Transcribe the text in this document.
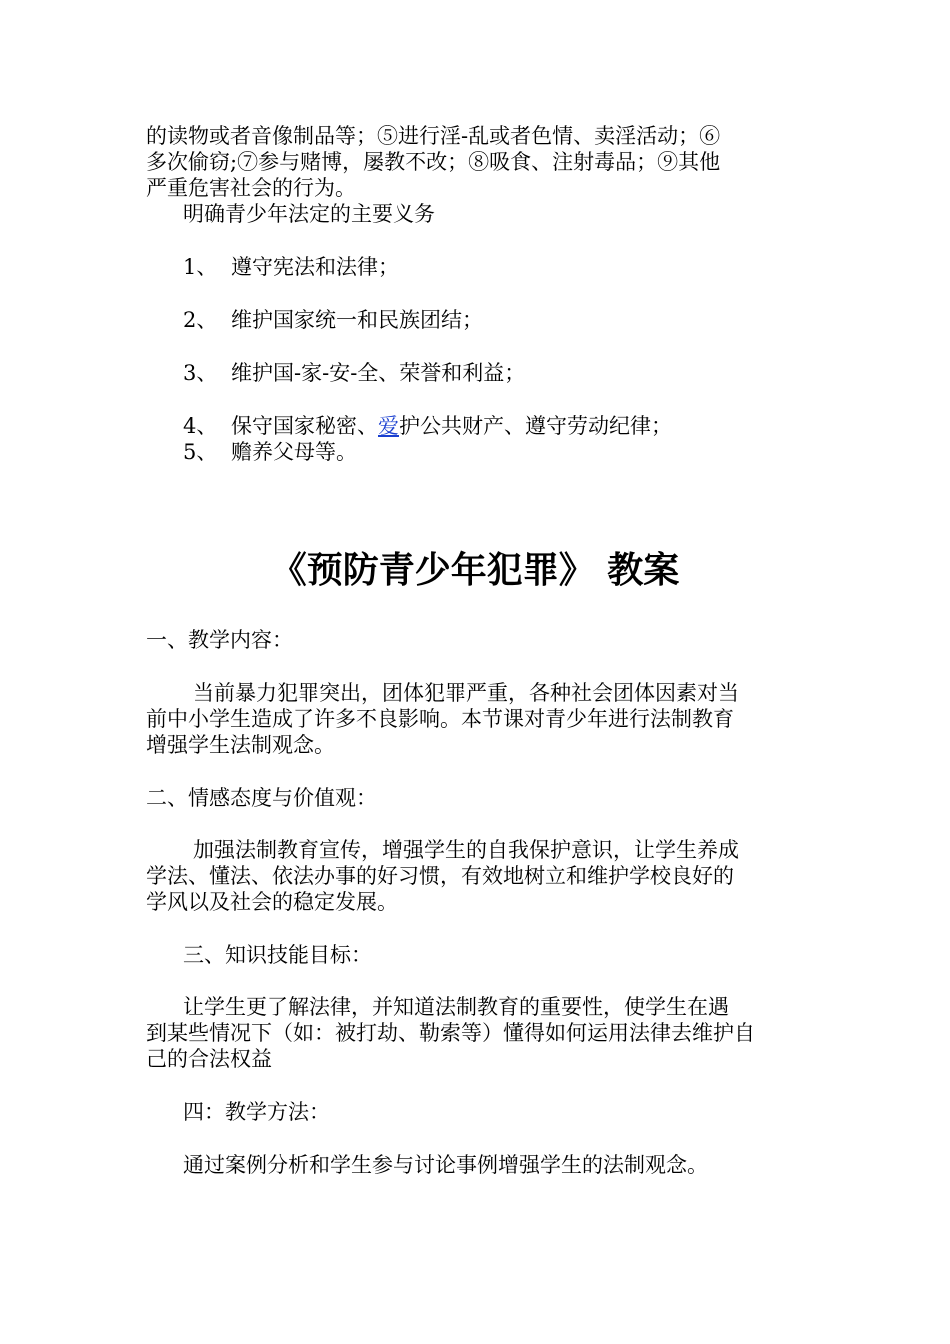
的读物或者音像制品等；⑤进行淫-乱或者色情、卖淫活动；⑥
多次偷窃;⑦参与赌博，屡教不改；⑧吸食、注射毒品；⑨其他
严重危害社会的行为。
明确青少年法定的主要义务
1、 遵守宪法和法律；
2、 维护国家统一和民族团结；
3、 维护国-家-安-全、荣誉和利益；
4、 保守国家秘密、爱护公共财产、遵守劳动纪律；
5、 赡养父母等。
《预防青少年犯罪》 教案
一、教学内容：
当前暴力犯罪突出，团体犯罪严重，各种社会团体因素对当
前中小学生造成了许多不良影响。本节课对青少年进行法制教育
增强学生法制观念。
二、情感态度与价值观：
加强法制教育宣传，增强学生的自我保护意识，让学生养成
学法、懂法、依法办事的好习惯，有效地树立和维护学校良好的
学风以及社会的稳定发展。
三、知识技能目标：
让学生更了解法律，并知道法制教育的重要性，使学生在遇
到某些情况下（如：被打劫、勒索等）懂得如何运用法律去维护自
己的合法权益
四：教学方法：
通过案例分析和学生参与讨论事例增强学生的法制观念。
